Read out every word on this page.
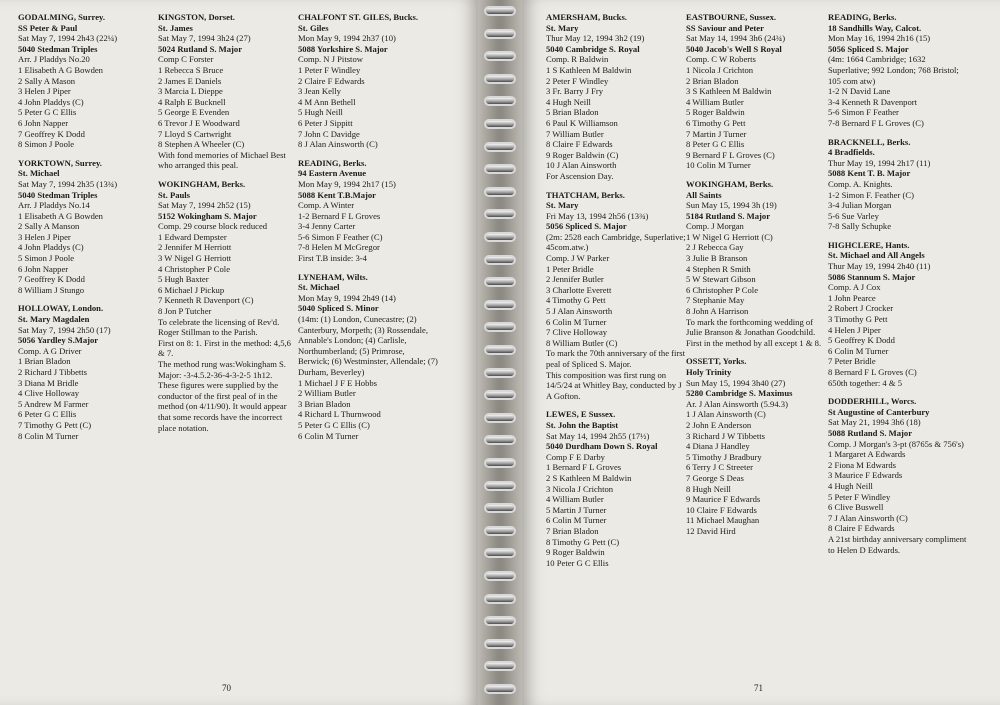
GODALMING, Surrey.
SS Peter & Paul
Sat May 7, 1994 2h43 (22¼)
5040 Stedman Triples
Arr. J Pladdys No.20
1 Elisabeth A G Bowden
2 Sally A Mason
3 Helen J Piper
4 John Pladdys (C)
5 Peter G C Ellis
6 John Napper
7 Geoffrey K Dodd
8 Simon J Poole
YORKTOWN, Surrey.
St. Michael
Sat May 7, 1994 2h35 (13¾)
5040 Stedman Triples
Arr. J Pladdys No.14
1 Elisabeth A G Bowden
2 Sally A Manson
3 Helen J Piper
4 John Pladdys (C)
5 Simon J Poole
6 John Napper
7 Geoffrey K Dodd
8 William J Stungo
HOLLOWAY, London.
St. Mary Magdalen
Sat May 7, 1994 2h50 (17)
5056 Yardley S.Major
Comp. A G Driver
1 Brian Bladon
2 Richard J Tibbetts
3 Diana M Bridle
4 Clive Holloway
5 Andrew M Farmer
6 Peter G C Ellis
7 Timothy G Pett (C)
8 Colin M Turner
KINGSTON, Dorset.
St. James
Sat May 7, 1994 3h24 (27)
5024 Rutland S. Major
Comp C Forster
1 Rebecca S Bruce
2 James E Daniels
3 Marcia L Dieppe
4 Ralph E Bucknell
5 George E Evenden
6 Trevor J E Woodward
7 Lloyd S Cartwright
8 Stephen A Wheeler (C)
With fond memories of Michael Best who arranged this peal.
WOKINGHAM, Berks.
St. Pauls
Sat May 7, 1994 2h52 (15)
5152 Wokingham S. Major
Comp. 29 course block reduced
1 Edward Dempster
2 Jennifer M Herriott
3 W Nigel G Herriott
4 Christopher P Cole
5 Hugh Baxter
6 Michael J Pickup
7 Kenneth R Davenport (C)
8 Jon P Tutcher
To celebrate the licensing of Rev'd. Roger Stillman to the Parish.
First on 8: 1. First in the method: 4,5,6 & 7.
The method rung was:Wokingham S. Major: -3-4.5.2-36-4-3-2-5 1h12.
These figures were supplied by the conductor of the first peal of in the method (on 4/11/90). It would appear that some records have the incorrect place notation.
CHALFONT ST. GILES, Bucks.
St. Giles
Mon May 9, 1994 2h37 (10)
5088 Yorkshire S. Major
Comp. N J Pitstow
1 Peter F Windley
2 Claire F Edwards
3 Jean Kelly
4 M Ann Bethell
5 Hugh Neill
6 Peter J Sippitt
7 John C Davidge
8 J Alan Ainsworth (C)
READING, Berks.
94 Eastern Avenue
Mon May 9, 1994 2h17 (15)
5088 Kent T.B.Major
Comp. A Winter
1-2 Bernard F L Groves
3-4 Jenny Carter
5-6 Simon F Feather (C)
7-8 Helen M McGregor
First T.B inside: 3-4
LYNEHAM, Wilts.
St. Michael
Mon May 9, 1994 2h49 (14)
5040 Spliced S. Minor
(14m: (1) London, Cunecastre; (2) Canterbury, Morpeth; (3) Rossendale, Annable's London; (4) Carlisle, Northumberland; (5) Primrose, Berwick; (6) Westminster, Allendale; (7) Durham, Beverley)
1 Michael J F E Hobbs
2 William Butler
3 Brian Bladon
4 Richard L Thurnwood
5 Peter G C Ellis (C)
6 Colin M Turner
70
AMERSHAM, Bucks.
St. Mary
Thur May 12, 1994 3h2 (19)
5040 Cambridge S. Royal
Comp. R Baldwin
1 S Kathleen M Baldwin
2 Peter F Windley
3 Fr. Barry J Fry
4 Hugh Neill
5 Brian Bladon
6 Paul K Williamson
7 William Butler
8 Claire F Edwards
9 Roger Baldwin (C)
10 J Alan Ainsworth
For Ascension Day.
THATCHAM, Berks.
St. Mary
Fri May 13, 1994 2h56 (13¾)
5056 Spliced S. Major
(2m: 2528 each Cambridge, Superlative; 45com.atw.)
Comp. J W Parker
1 Peter Bridle
2 Jennifer Butler
3 Charlotte Everett
4 Timothy G Pett
5 J Alan Ainsworth
6 Colin M Turner
7 Clive Holloway
8 William Butler (C)
To mark the 70th anniversary of the first peal of Spliced S. Major.
This composition was first rung on 14/5/24 at Whitley Bay, conducted by J A Gofton.
LEWES, E Sussex.
St. John the Baptist
Sat May 14, 1994 2h55 (17½)
5040 Durdham Down S. Royal
Comp F E Darby
1 Bernard F L Groves
2 S Kathleen M Baldwin
3 Nicola J Crichton
4 William Butler
5 Martin J Turner
6 Colin M Turner
7 Brian Bladon
8 Timothy G Pett (C)
9 Roger Baldwin
10 Peter G C Ellis
EASTBOURNE, Sussex.
SS Saviour and Peter
Sat May 14, 1994 3h6 (24¾)
5040 Jacob's Well S Royal
Comp. C W Roberts
1 Nicola J Crichton
2 Brian Bladon
3 S Kathleen M Baldwin
4 William Butler
5 Roger Baldwin
6 Timothy G Pett
7 Martin J Turner
8 Peter G C Ellis
9 Bernard F L Groves (C)
10 Colin M Turner
WOKINGHAM, Berks.
All Saints
Sun May 15, 1994 3h (19)
5184 Rutland S. Major
Comp. J Morgan
1 W Nigel G Herriott (C)
2 J Rebecca Gay
3 Julie B Branson
4 Stephen R Smith
5 W Stewart Gibson
6 Christopher P Cole
7 Stephanie May
8 John A Harrison
To mark the forthcoming wedding of Julie Branson & Jonathan Goodchild.
First in the method by all except 1 & 8.
OSSETT, Yorks.
Holy Trinity
Sun May 15, 1994 3h40 (27)
5280 Cambridge S. Maximus
Ar. J Alan Ainsworth (5.94.3)
1 J Alan Ainsworth (C)
2 John E Anderson
3 Richard J W Tibbetts
4 Diana J Handley
5 Timothy J Bradbury
6 Terry J C Streeter
7 George S Deas
8 Hugh Neill
9 Maurice F Edwards
10 Claire F Edwards
11 Michael Maughan
12 David Hird
READING, Berks.
18 Sandhills Way, Calcot.
Mon May 16, 1994 2h16 (15)
5056 Spliced S. Major
(4m: 1664 Cambridge; 1632 Superlative; 992 London; 768 Bristol; 105 com atw)
1-2 N David Lane
3-4 Kenneth R Davenport
5-6 Simon F Feather
7-8 Bernard F L Groves (C)
BRACKNELL, Berks.
4 Bradfields.
Thur May 19, 1994 2h17 (11)
5088 Kent T. B. Major
Comp. A. Knights.
1-2 Simon F. Feather (C)
3-4 Julian Morgan
5-6 Sue Varley
7-8 Sally Schupke
HIGHCLERE, Hants.
St. Michael and All Angels
Thur May 19, 1994 2h40 (11)
5086 Stannum S. Major
Comp. A J Cox
1 John Pearce
2 Robert J Crocker
3 Timothy G Pett
4 Helen J Piper
5 Geoffrey K Dodd
6 Colin M Turner
7 Peter Bridle
8 Bernard F L Groves (C)
650th together: 4 & 5
DODDERHILL, Worcs.
St Augustine of Canterbury
Sat May 21, 1994 3h6 (18)
5088 Rutland S. Major
Comp. J Morgan's 3-pt (8765s & 756's)
1 Margaret A Edwards
2 Fiona M Edwards
3 Maurice F Edwards
4 Hugh Neill
5 Peter F Windley
6 Clive Buswell
7 J Alan Ainsworth (C)
8 Claire F Edwards
A 21st birthday anniversary compliment to Helen D Edwards.
71
